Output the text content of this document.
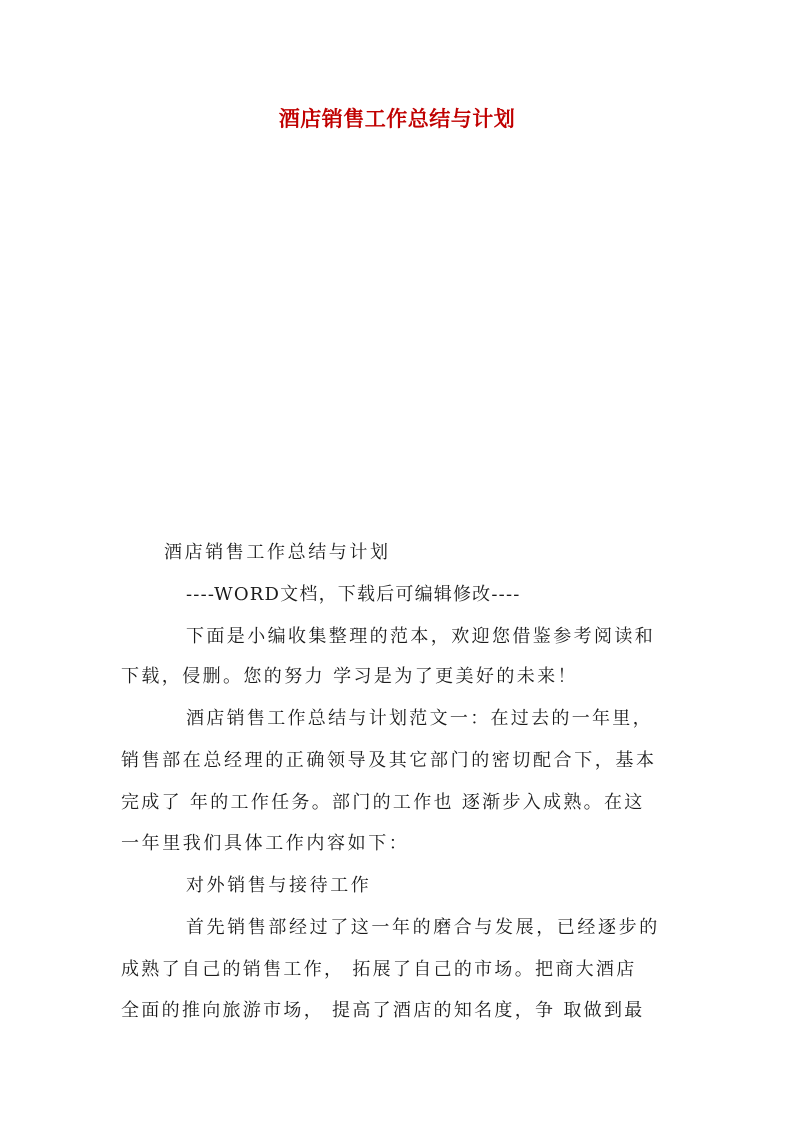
酒店销售工作总结与计划
酒店销售工作总结与计划
----WORD文档，下载后可编辑修改----
下面是小编收集整理的范本，欢迎您借鉴参考阅读和
下载，侵删。您的努力 学习是为了更美好的未来！
酒店销售工作总结与计划范文一：在过去的一年里，
销售部在总经理的正确领导及其它部门的密切配合下，基本
完成了 年的工作任务。部门的工作也 逐渐步入成熟。在这
一年里我们具体工作内容如下：
对外销售与接待工作
首先销售部经过了这一年的磨合与发展，已经逐步的
成熟了自己的销售工作， 拓展了自己的市场。把商大酒店
全面的推向旅游市场， 提高了酒店的知名度，争 取做到最
